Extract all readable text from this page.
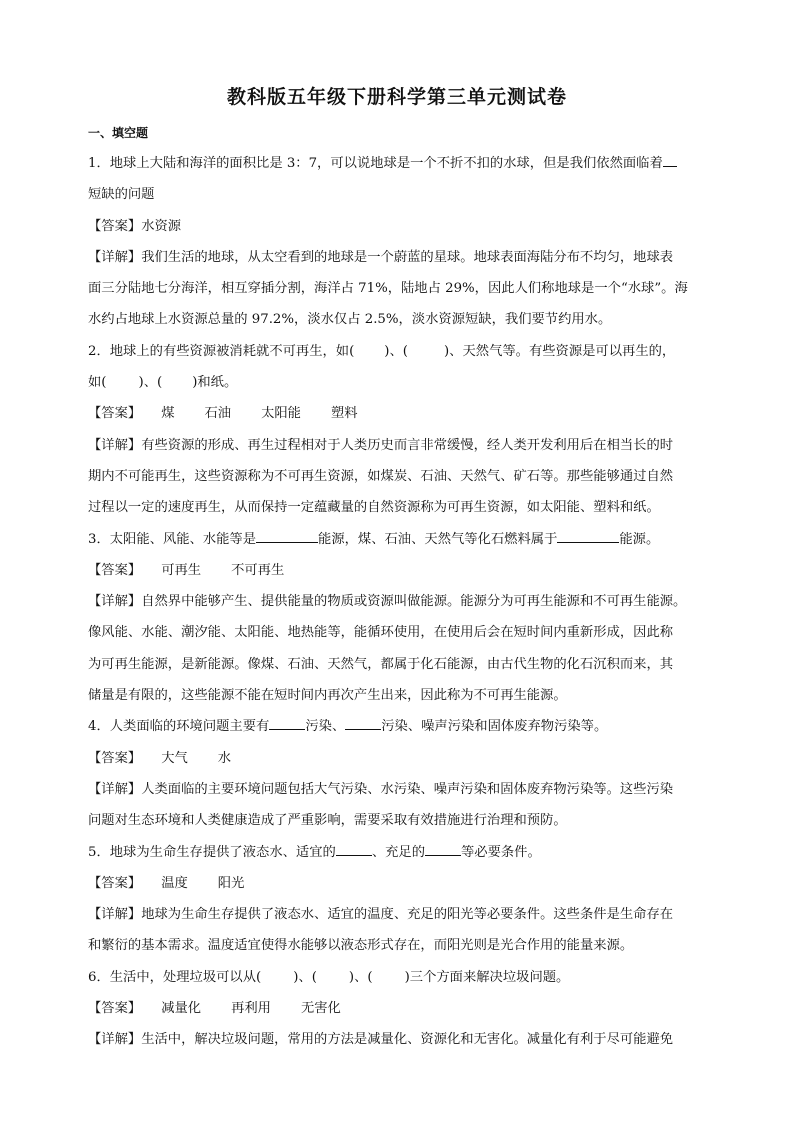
教科版五年级下册科学第三单元测试卷
一、填空题

1．地球上大陆和海洋的面积比是 3：7，可以说地球是一个不折不扣的水球，但是我们依然面临着

短缺的问题

【答案】水资源

【详解】我们生活的地球，从太空看到的地球是一个蔚蓝的星球。地球表面海陆分布不均匀，地球表

面三分陆地七分海洋，相互穿插分割，海洋占 71%，陆地占 29%，因此人们称地球是一个“水球”。海

水约占地球上水资源总量的 97.2%，淡水仅占 2.5%，淡水资源短缺，我们要节约用水。

2．地球上的有些资源被消耗就不可再生，如( )、(	)、天然气等。有些资源是可以再生的，

如( )、( )和纸。

【答案】 煤 石油 太阳能 塑料

【详解】有些资源的形成、再生过程相对于人类历史而言非常缓慢，经人类开发利用后在相当长的时

期内不可能再生，这些资源称为不可再生资源，如煤炭、石油、天然气、矿石等。那些能够通过自然

过程以一定的速度再生，从而保持一定蕴藏量的自然资源称为可再生资源，如太阳能、塑料和纸。

3．太阳能、风能、水能等是	能源，煤、石油、天然气等化石燃料属于	能源。

【答案】 可再生 不可再生

【详解】自然界中能够产生、提供能量的物质或资源叫做能源。能源分为可再生能源和不可再生能源。

像风能、水能、潮汐能、太阳能、地热能等，能循环使用，在使用后会在短时间内重新形成，因此称

为可再生能源，是新能源。像煤、石油、天然气，都属于化石能源，由古代生物的化石沉积而来，其

储量是有限的，这些能源不能在短时间内再次产生出来，因此称为不可再生能源。

4．人类面临的环境问题主要有	污染、	污染、噪声污染和固体废弃物污染等。

【答案】 大气 水

【详解】人类面临的主要环境问题包括大气污染、水污染、噪声污染和固体废弃物污染等。这些污染

问题对生态环境和人类健康造成了严重影响，需要采取有效措施进行治理和预防。

5．地球为生命生存提供了液态水、适宜的	、充足的	等必要条件。

【答案】 温度 阳光

【详解】地球为生命生存提供了液态水、适宜的温度、充足的阳光等必要条件。这些条件是生命存在

和繁衍的基本需求。温度适宜使得水能够以液态形式存在，而阳光则是光合作用的能量来源。

6．生活中，处理垃圾可以从( )、( )、( )三个方面来解决垃圾问题。

【答案】 减量化 再利用 无害化

【详解】生活中，解决垃圾问题，常用的方法是减量化、资源化和无害化。减量化有利于尽可能避免
